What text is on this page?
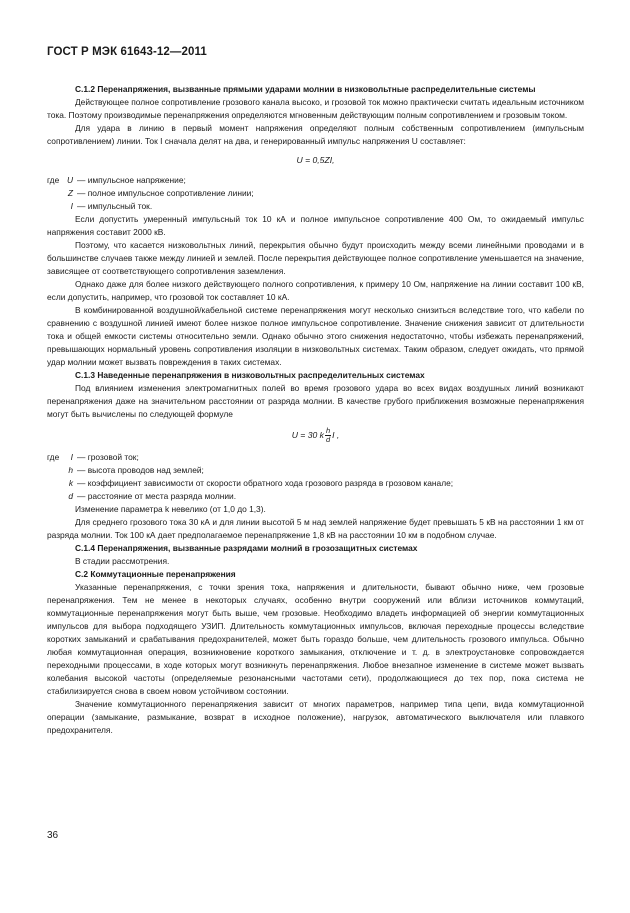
ГОСТ Р МЭК 61643-12—2011

С.1.2 Перенапряжения, вызванные прямыми ударами молнии в низковольтные распределительные системы

Действующее полное сопротивление грозового канала высоко, и грозовой ток можно практически считать идеальным источником тока. Поэтому производимые перенапряжения определяются мгновенным действующим полным сопротивлением и грозовым током.

Для удара в линию в первый момент напряжения определяют полным собственным сопротивлением (импульсным сопротивлением) линии. Ток I сначала делят на два, и генерированный импульс напряжения U составляет:

U = 0,5ZI,
где U — импульсное напряжение;
Z — полное импульсное сопротивление линии;
I — импульсный ток.

Если допустить умеренный импульсный ток 10 кА и полное импульсное сопротивление 400 Ом, то ожидаемый импульс напряжения составит 2000 кВ.

Поэтому, что касается низковольтных линий, перекрытия обычно будут происходить между всеми линейными проводами и в большинстве случаев также между линией и землей. После перекрытия действующее полное сопротивление уменьшается на значение, зависящее от соответствующего сопротивления заземления.

Однако даже для более низкого действующего полного сопротивления, к примеру 10 Ом, напряжение на линии составит 100 кВ, если допустить, например, что грозовой ток составляет 10 кА.

В комбинированной воздушной/кабельной системе перенапряжения могут несколько снизиться вследствие того, что кабели по сравнению с воздушной линией имеют более низкое полное импульсное сопротивление. Значение снижения зависит от длительности тока и общей емкости системы относительно земли. Однако обычно этого снижения недостаточно, чтобы избежать перенапряжений, превышающих нормальный уровень сопротивления изоляции в низковольтных системах. Таким образом, следует ожидать, что прямой удар молнии может вызвать повреждения в таких системах.

С.1.3 Наведенные перенапряжения в низковольтных распределительных системах

Под влиянием изменения электромагнитных полей во время грозового удара во всех видах воздушных линий возникают перенапряжения даже на значительном расстоянии от разряда молнии. В качестве грубого приближения возможные перенапряжения могут быть вычислены по следующей формуле

U = 30 k $\frac{h}{d}$ I ,
где	I — грозовой ток;
h — высота проводов над землей;
k — коэффициент зависимости от скорости обратного хода грозового разряда в грозовом канале;
d — расстояние от места разряда молнии.

Изменение параметра k невелико (от 1,0 до 1,3).

Для среднего грозового тока 30 кА и для линии высотой 5 м над землей напряжение будет превышать 5 кВ на расстоянии 1 км от разряда молнии. Ток 100 кА дает предполагаемое перенапряжение 1,8 кВ на расстоянии 10 км в подобном случае.

С.1.4 Перенапряжения, вызванные разрядами молний в грозозащитных системах

В стадии рассмотрения.

С.2 Коммутационные перенапряжения

Указанные перенапряжения, с точки зрения тока, напряжения и длительности, бывают обычно ниже, чем грозовые перенапряжения. Тем не менее в некоторых случаях, особенно внутри сооружений или вблизи источников коммутаций, коммутационные перенапряжения могут быть выше, чем грозовые. Необходимо владеть информацией об энергии коммутационных импульсов для выбора подходящего УЗИП. Длительность коммутационных импульсов, включая переходные процессы вследствие коротких замыканий и срабатывания предохранителей, может быть гораздо больше, чем длительность грозового импульса. Обычно любая коммутационная операция, возникновение короткого замыкания, отключение и т. д. в электроустановке сопровождается переходными процессами, в ходе которых могут возникнуть перенапряжения. Любое внезапное изменение в системе может вызвать колебания высокой частоты (определяемые резонансными частотами сети), продолжающиеся до тех пор, пока система не стабилизируется снова в своем новом устойчивом состоянии.

Значение коммутационного перенапряжения зависит от многих параметров, например типа цепи, вида коммутационной операции (замыкание, размыкание, возврат в исходное положение), нагрузок, автоматического выключателя или плавкого предохранителя.

36
